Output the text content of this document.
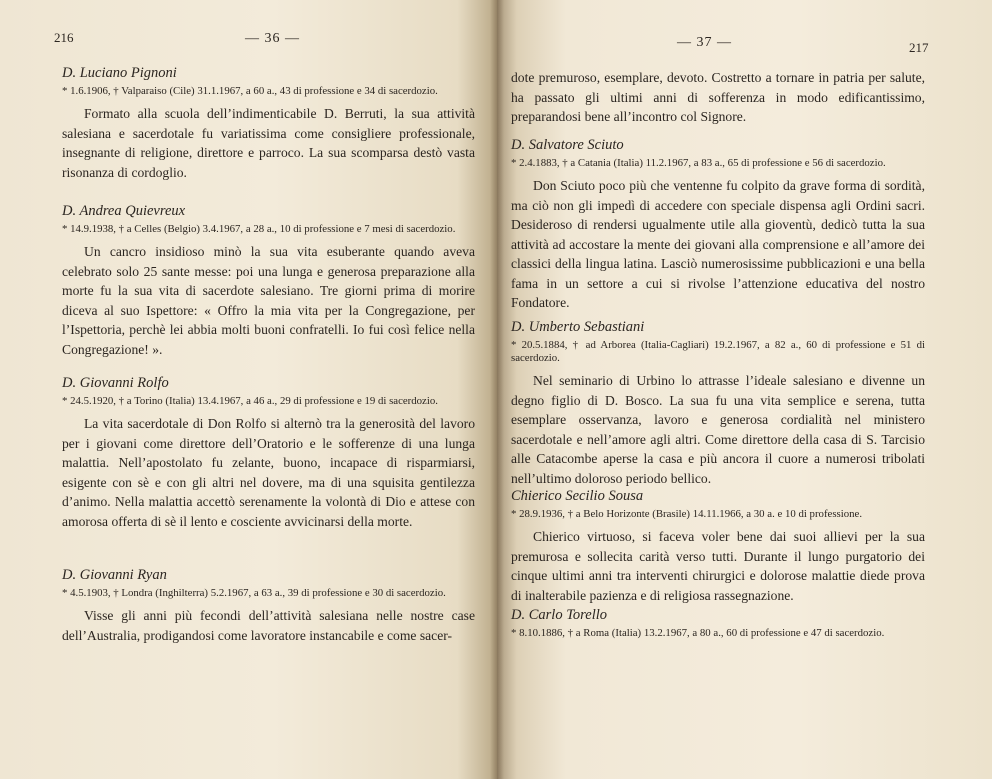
216	— 36 —

D. Luciano Pignoni

* 1.6.1906, † Valparaiso (Cile) 31.1.1967, a 60 a., 43 di professione e 34 di sacerdozio.

Formato alla scuola dell’indimenticabile D. Berruti, la sua attività salesiana e sacerdotale fu variatissima come consigliere professionale, insegnante di religione, direttore e parroco. La sua scomparsa destò vasta risonanza di cordoglio.

D. Andrea Quievreux

* 14.9.1938, † a Celles (Belgio) 3.4.1967, a 28 a., 10 di professione e 7 mesi di sacerdozio.

Un cancro insidioso minò la sua vita esuberante quando aveva celebrato solo 25 sante messe: poi una lunga e generosa preparazione alla morte fu la sua vita di sacerdote salesiano. Tre giorni prima di morire diceva al suo Ispettore: « Offro la mia vita per la Congregazione, per l’Ispettoria, perchè lei abbia molti buoni confratelli. Io fui così felice nella Congregazione! ».

D. Giovanni Rolfo

* 24.5.1920, † a Torino (Italia) 13.4.1967, a 46 a., 29 di professione e 19 di sacerdozio.

La vita sacerdotale di Don Rolfo si alternò tra la generosità del lavoro per i giovani come direttore dell’Oratorio e le sofferenze di una lunga malattia. Nell’apostolato fu zelante, buono, incapace di risparmiarsi, esigente con sè e con gli altri nel dovere, ma di una squisita gentilezza d’animo. Nella malattia accettò serenamente la volontà di Dio e attese con amorosa offerta di sè il lento e cosciente avvicinarsi della morte.

D. Giovanni Ryan

* 4.5.1903, † Londra (Inghilterra) 5.2.1967, a 63 a., 39 di professione e 30 di sacerdozio.

Visse gli anni più fecondi dell’attività salesiana nelle nostre case dell’Australia, prodigandosi come lavoratore instancabile e come sacer-

— 37 —	217

dote premuroso, esemplare, devoto. Costretto a tornare in patria per salute, ha passato gli ultimi anni di sofferenza in modo edificantissimo, preparandosi bene all’incontro col Signore.

D. Salvatore Sciuto

* 2.4.1883, † a Catania (Italia) 11.2.1967, a 83 a., 65 di professione e 56 di sacerdozio.

Don Sciuto poco più che ventenne fu colpito da grave forma di sordità, ma ciò non gli impedì di accedere con speciale dispensa agli Ordini sacri. Desideroso di rendersi ugualmente utile alla gioventù, dedicò tutta la sua attività ad accostare la mente dei giovani alla comprensione e all’amore dei classici della lingua latina. Lasciò numerosissime pubblicazioni e una bella fama in un settore a cui si rivolse l’attenzione educativa del nostro Fondatore.

D. Umberto Sebastiani

* 20.5.1884, † ad Arborea (Italia-Cagliari) 19.2.1967, a 82 a., 60 di professione e 51 di sacerdozio.

Nel seminario di Urbino lo attrasse l’ideale salesiano e divenne un degno figlio di D. Bosco. La sua fu una vita semplice e serena, tutta esemplare osservanza, lavoro e generosa cordialità nel ministero sacerdotale e nell’amore agli altri. Come direttore della casa di S. Tarcisio alle Catacombe aperse la casa e più ancora il cuore a numerosi tribolati nell’ultimo doloroso periodo bellico.

Chierico Secilio Sousa

* 28.9.1936, † a Belo Horizonte (Brasile) 14.11.1966, a 30 a. e 10 di professione.

Chierico virtuoso, si faceva voler bene dai suoi allievi per la sua premurosa e sollecita carità verso tutti. Durante il lungo purgatorio dei cinque ultimi anni tra interventi chirurgici e dolorose malattie diede prova di inalterabile pazienza e di religiosa rassegnazione.

D. Carlo Torello

* 8.10.1886, † a Roma (Italia) 13.2.1967, a 80 a., 60 di professione e 47 di sacerdozio.
